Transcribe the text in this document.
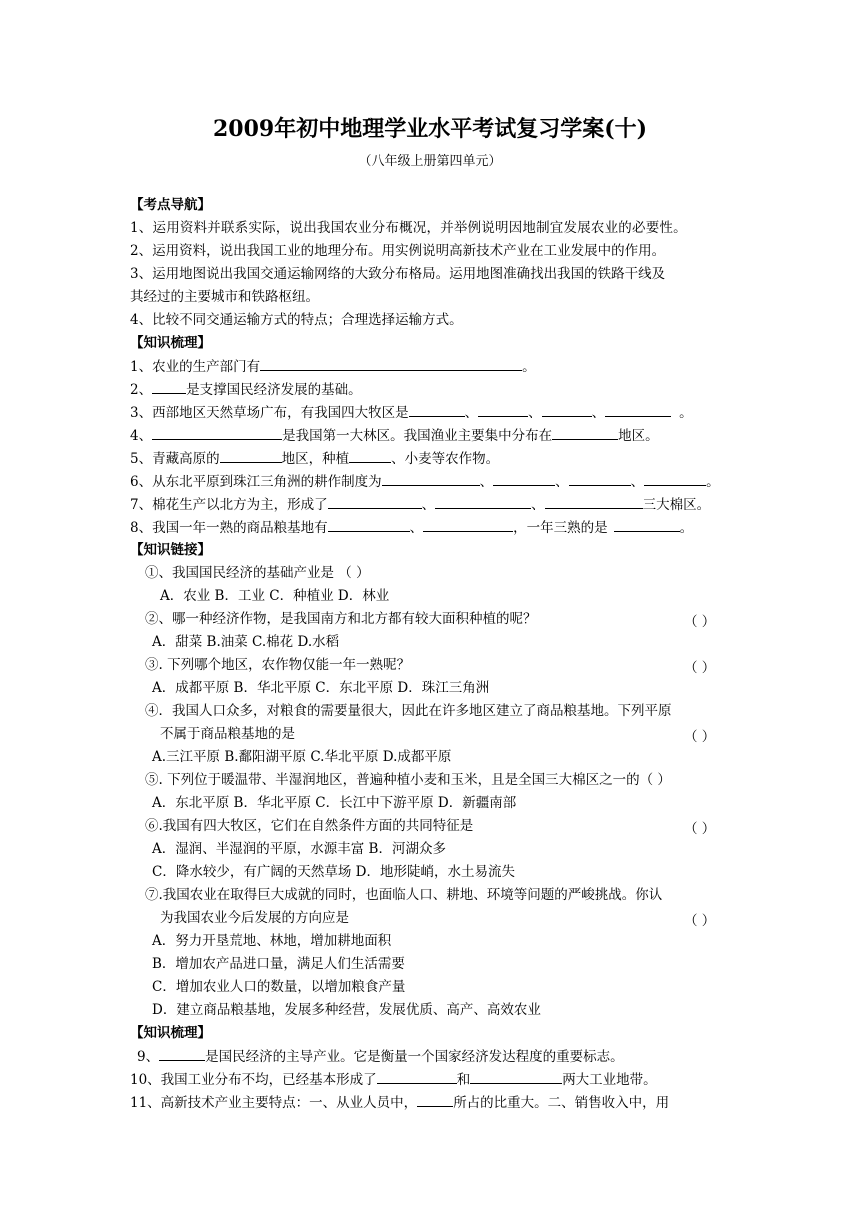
2009年初中地理学业水平考试复习学案(十)
（八年级上册第四单元）
【考点导航】
1、运用资料并联系实际，说出我国农业分布概况，并举例说明因地制宜发展农业的必要性。
2、运用资料，说出我国工业的地理分布。用实例说明高新技术产业在工业发展中的作用。
3、运用地图说出我国交通运输网络的大致分布格局。运用地图准确找出我国的铁路干线及
其经过的主要城市和铁路枢纽。
4、比较不同交通运输方式的特点；合理选择运输方式。
【知识梳理】
1、农业的生产部门有	。
2、	是支撑国民经济发展的基础。
3、西部地区天然草场广布，有我国四大牧区是	、	、	、	。
4、	是我国第一大林区。我国渔业主要集中分布在	地区。
5、青藏高原的	地区，种植	、小麦等农作物。
6、从东北平原到珠江三角洲的耕作制度为	、	、	、	。
7、棉花生产以北方为主，形成了	、	、	三大棉区。
8、我国一年一熟的商品粮基地有	、	，一年三熟的是	。
【知识链接】
①、我国国民经济的基础产业是 （ ）
A．农业 B．工业 C．种植业 D．林业
②、哪一种经济作物，是我国南方和北方都有较大面积种植的呢？	（ ）
A．甜菜 B.油菜 C.棉花 D.水稻
③. 下列哪个地区，农作物仅能一年一熟呢？	（ ）
A．成都平原 B．华北平原 C．东北平原 D．珠江三角洲
④．我国人口众多，对粮食的需要量很大，因此在许多地区建立了商品粮基地。下列平原
不属于商品粮基地的是	（ ）
A.三江平原 B.鄱阳湖平原 C.华北平原 D.成都平原
⑤. 下列位于暖温带、半湿润地区，普遍种植小麦和玉米，且是全国三大棉区之一的（ ）
A．东北平原 B．华北平原 C．长江中下游平原 D．新疆南部
⑥.我国有四大牧区，它们在自然条件方面的共同特征是	（ ）
A．湿润、半湿润的平原，水源丰富 B．河湖众多
C．降水较少，有广阔的天然草场 D．地形陡峭，水土易流失
⑦.我国农业在取得巨大成就的同时，也面临人口、耕地、环境等问题的严峻挑战。你认
为我国农业今后发展的方向应是	（ ）
A．努力开垦荒地、林地，增加耕地面积
B．增加农产品进口量，满足人们生活需要
C．增加农业人口的数量，以增加粮食产量
D．建立商品粮基地，发展多种经营，发展优质、高产、高效农业
【知识梳理】
9、	是国民经济的主导产业。它是衡量一个国家经济发达程度的重要标志。
10、我国工业分布不均，已经基本形成了	和	两大工业地带。
11、高新技术产业主要特点：一、从业人员中，	所占的比重大。二、销售收入中，用
